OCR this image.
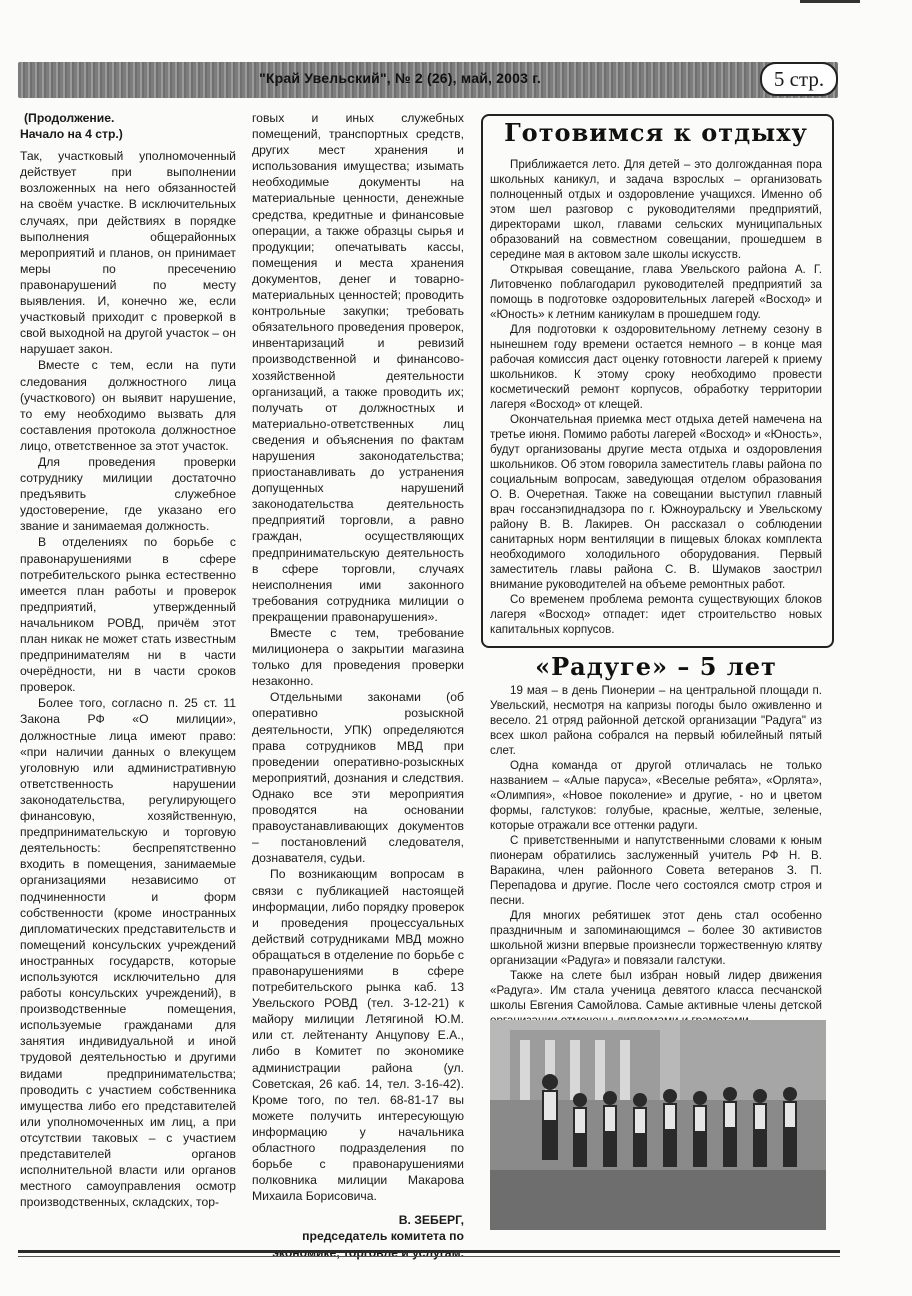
"Край Увельский", № 2 (26), май, 2003 г.	5 стр.

(Продолжение.
Начало на 4 стр.)

Так, участковый уполномоченный действует при выполнении возложенных на него обязанностей на своём участке. В исключительных случаях, при действиях в порядке выполнения общерайонных мероприятий и планов, он принимает меры по пресечению правонарушений по месту выявления. И, конечно же, если участковый приходит с проверкой в свой выходной на другой участок – он нарушает закон.

Вместе с тем, если на пути следования должностного лица (участкового) он выявит нарушение, то ему необходимо вызвать для составления протокола должностное лицо, ответственное за этот участок.

Для проведения проверки сотруднику милиции достаточно предъявить служебное удостоверение, где указано его звание и занимаемая должность.

В отделениях по борьбе с правонарушениями в сфере потребительского рынка естественно имеется план работы и проверок предприятий, утвержденный начальником РОВД, причём этот план никак не может стать известным предпринимателям ни в части очерёдности, ни в части сроков проверок.

Более того, согласно п. 25 ст. 11 Закона РФ «О милиции», должностные лица имеют право: «при наличии данных о влекущем уголовную или административную ответственность нарушении законодательства, регулирующего финансовую, хозяйственную, предпринимательскую и торговую деятельность: беспрепятственно входить в помещения, занимаемые организациями независимо от подчиненности и форм собственности (кроме иностранных дипломатических представительств и помещений консульских учреждений иностранных государств, которые используются исключительно для работы консульских учреждений), в производственные помещения, используемые гражданами для занятия индивидуальной и иной трудовой деятельностью и другими видами предпринимательства; проводить с участием собственника имущества либо его представителей или уполномоченных им лиц, а при отсутствии таковых – с участием представителей органов исполнительной власти или органов местного самоуправления осмотр производственных, складских, тор-

говых и иных служебных помещений, транспортных средств, других мест хранения и использования имущества; изымать необходимые документы на материальные ценности, денежные средства, кредитные и финансовые операции, а также образцы сырья и продукции; опечатывать кассы, помещения и места хранения документов, денег и товарно-материальных ценностей; проводить контрольные закупки; требовать обязательного проведения проверок, инвентаризаций и ревизий производственной и финансово-хозяйственной деятельности организаций, а также проводить их; получать от должностных и материально-ответственных лиц сведения и объяснения по фактам нарушения законодательства; приостанавливать до устранения допущенных нарушений законодательства деятельность предприятий торговли, а равно граждан, осуществляющих предпринимательскую деятельность в сфере торговли, случаях неисполнения ими законного требования сотрудника милиции о прекращении правонарушения».

Вместе с тем, требование милиционера о закрытии магазина только для проведения проверки незаконно.

Отдельными законами (об оперативно розыскной деятельности, УПК) определяются права сотрудников МВД при проведении оперативно-розыскных мероприятий, дознания и следствия. Однако все эти мероприятия проводятся на основании правоустанавливающих документов – постановлений следователя, дознавателя, судьи.

По возникающим вопросам в связи с публикацией настоящей информации, либо порядку проверок и проведения процессуальных действий сотрудниками МВД можно обращаться в отделение по борьбе с правонарушениями в сфере потребительского рынка каб. 13 Увельского РОВД (тел. 3-12-21) к майору милиции Летягиной Ю.М. или ст. лейтенанту Анцуповy Е.А., либо в Комитет по экономике администрации района (ул. Советская, 26 каб. 14, тел. 3-16-42). Кроме того, по тел. 68-81-17 вы можете получить интересующую информацию у начальника областного подразделения по борьбе с правонарушениями полковника милиции Макарова Михаила Борисовича.

В. ЗЕБЕРГ,
председатель комитета по
Готовимся к отдыху

Приближается лето. Для детей – это долгожданная пора школьных каникул, и задача взрослых – организовать полноценный отдых и оздоровление учащихся. Именно об этом шел разговор с руководителями предприятий, директорами школ, главами сельских муниципальных образований на совместном совещании, прошедшем в середине мая в актовом зале школы искусств.

Открывая совещание, глава Увельского района А. Г. Литовченко поблагодарил руководителей предприятий за помощь в подготовке оздоровительных лагерей «Восход» и «Юность» к летним каникулам в прошедшем году.

Для подготовки к оздоровительному летнему сезону в нынешнем году времени остается немного – в конце мая рабочая комиссия даст оценку готовности лагерей к приему школьников. К этому сроку необходимо провести косметический ремонт корпусов, обработку территории лагеря «Восход» от клещей.

Окончательная приемка мест отдыха детей намечена на третье июня. Помимо работы лагерей «Восход» и «Юность», будут организованы другие места отдыха и оздоровления школьников. Об этом говорила заместитель главы района по социальным вопросам, заведующая отделом образования О. В. Очеретная. Также на совещании выступил главный врач госсанэпиднадзора по г. Южноуральску и Увельскому району В. В. Лакирев. Он рассказал о соблюдении санитарных норм вентиляции в пищевых блоках комплекта необходимого холодильного оборудования. Первый заместитель главы района С. В. Шумаков заострил внимание руководителей на объеме ремонтных работ.

Со временем проблема ремонта существующих блоков лагеря «Восход» отпадет: идет строительство новых капитальных корпусов.

«Радуге» – 5 лет

19 мая – в день Пионерии – на центральной площади п. Увельский, несмотря на капризы погоды было оживленно и весело. 21 отряд районной детской организации "Радуга" из всех школ района собрался на первый юбилейный пятый слет.

Одна команда от другой отличалась не только названием – «Алые паруса», «Веселые ребята», «Орлята», «Олимпия», «Новое поколение» и другие, - но и цветом формы, галстуков: голубые, красные, желтые, зеленые, которые отражали все оттенки радуги.

С приветственными и напутственными словами к юным пионерам обратились заслуженный учитель РФ Н. В. Варакина, член районного Совета ветеранов З. П. Перепадова и другие. После чего состоялся смотр строя и песни.

Для многих ребятишек этот день стал особенно праздничным и запоминающимся – более 30 активистов школьной жизни впервые произнесли торжественную клятву организации «Радуга» и повязали галстуки.

Также на слете был избран новый лидер движения «Радуга». Им стала ученица девятого класса песчанской школы Евгения Самойлова. Самые активные члены детской
